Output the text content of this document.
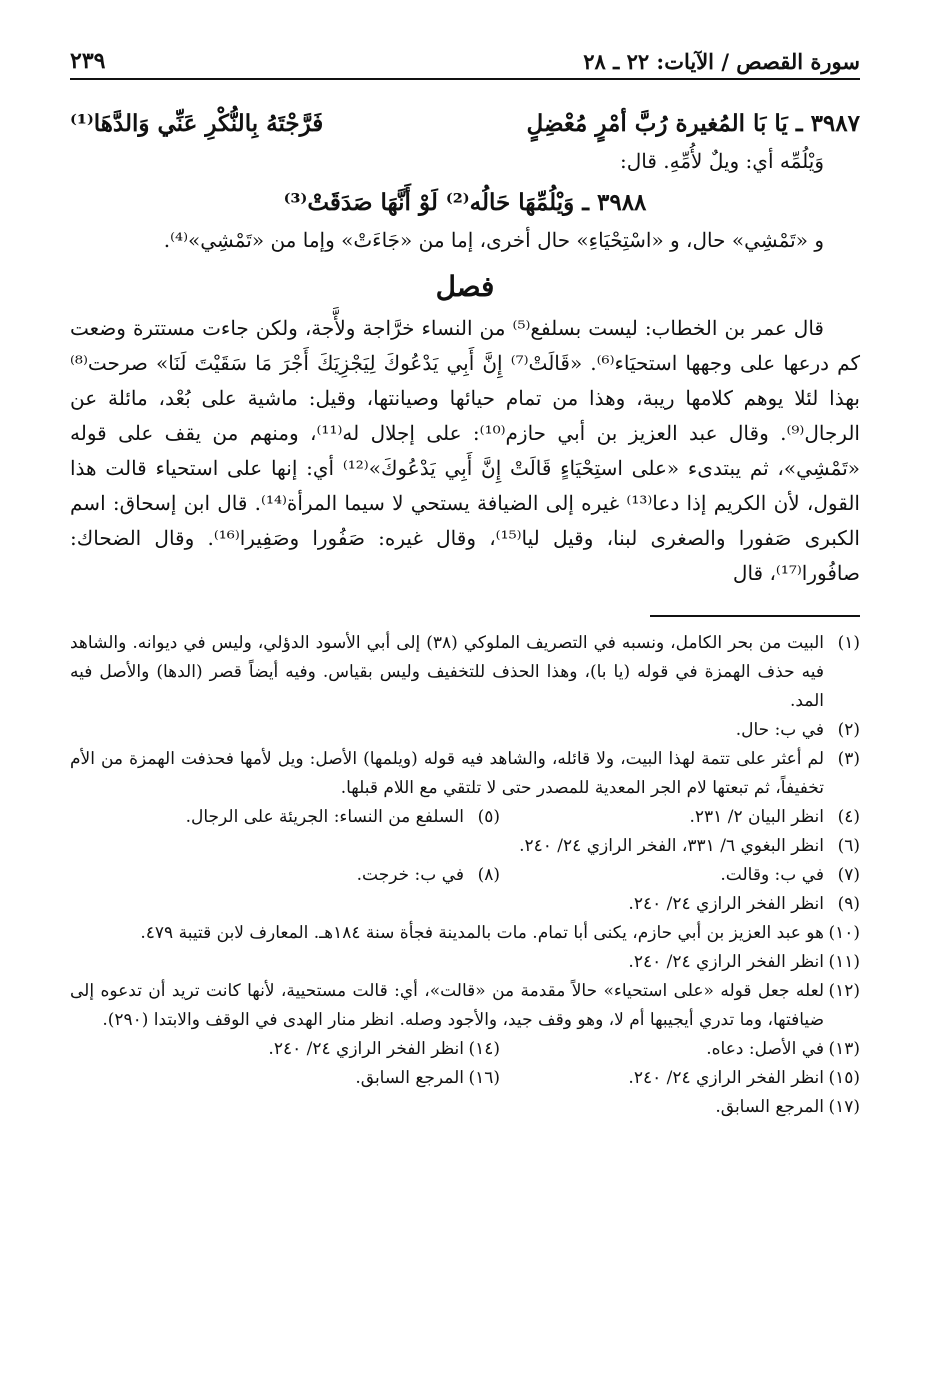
سورة القصص / الآيات: ٢٢ ـ ٢٨
٢٣٩
٣٩٨٧ ـ يَا بَا المُغيرة رُبَّ أمْرٍ مُعْضِلٍ
فَرَّجْتَهُ بِالنُّكْرِ عَنِّي وَالدَّهَا⁽¹⁾

وَيْلُمِّه أي: ويلٌ لأُمِّهِ. قال:

٣٩٨٨ ـ وَيْلُمِّهَا حَالُه⁽²⁾ لَوْ أَنَّهَا صَدَقَتْ⁽³⁾

و «تَمْشِي» حال، و «اسْتِحْيَاءِ» حال أخرى، إما من «جَاءَتْ» وإما من «تَمْشِي»⁽⁴⁾.

فصل

قال عمر بن الخطاب: ليست بسلفع⁽⁵⁾ من النساء خرَّاجة ولأَّجة، ولكن جاءت مستترة وضعت كم درعها على وجهها استحيَاء⁽⁶⁾. «قَالَتْ⁽⁷⁾ إِنَّ أَبِي يَدْعُوكَ لِيَجْزِيَكَ أَجْرَ مَا سَقَيْتَ لَنَا» صرحت⁽⁸⁾ بهذا لئلا يوهم كلامها ريبة، وهذا من تمام حيائها وصيانتها، وقيل: ماشية على بُعْد، مائلة عن الرجال⁽⁹⁾. وقال عبد العزيز بن أبي حازم⁽¹⁰⁾: على إجلال له⁽¹¹⁾، ومنهم من يقف على قوله «تَمْشِي»، ثم يبتدىء «على استِحْيَاءٍ قَالَتْ إِنَّ أَبِي يَدْعُوكَ»⁽¹²⁾ أي: إنها على استحياء قالت هذا القول، لأن الكريم إذا دعا⁽¹³⁾ غيره إلى الضيافة يستحي لا سيما المرأة⁽¹⁴⁾. قال ابن إسحاق: اسم الكبرى صَفورا والصغرى لبنا، وقيل ليا⁽¹⁵⁾، وقال غيره: صَفُورا وصَفِيرا⁽¹⁶⁾. وقال الضحاك: صافُورا⁽¹⁷⁾، قال

(١)
البيت من بحر الكامل، ونسبه في التصريف الملوكي (٣٨) إلى أبي الأسود الدؤلي، وليس في ديوانه. والشاهد فيه حذف الهمزة في قوله (يا با)، وهذا الحذف للتخفيف وليس بقياس. وفيه أيضاً قصر (الدها) والأصل فيه المد.
(٢)
في ب: حال.
(٣)
لم أعثر على تتمة لهذا البيت، ولا قائله، والشاهد فيه قوله (ويلمها) الأصل: ويل لأمها فحذفت الهمزة من الأم تخفيفاً، ثم تبعتها لام الجر المعدية للمصدر حتى لا تلتقي مع اللام قبلها.
(٤)
انظر البيان ٢/ ٢٣١.
(٥)
السلفع من النساء: الجريئة على الرجال.
(٦)
انظر البغوي ٦/ ٣٣١، الفخر الرازي ٢٤/ ٢٤٠.
(٧)
في ب: وقالت.
(٨)
في ب: خرجت.
(٩)
انظر الفخر الرازي ٢٤/ ٢٤٠.
(١٠)
هو عبد العزيز بن أبي حازم، يكنى أبا تمام. مات بالمدينة فجأة سنة ١٨٤هـ. المعارف لابن قتيبة ٤٧٩.
(١١)
انظر الفخر الرازي ٢٤/ ٢٤٠.
(١٢)
لعله جعل قوله «على استحياء» حالاً مقدمة من «قالت»، أي: قالت مستحيية، لأنها كانت تريد أن تدعوه إلى ضيافتها، وما تدري أيجيبها أم لا، وهو وقف جيد، والأجود وصله. انظر منار الهدى في الوقف والابتدا (٢٩٠).
(١٣)
في الأصل: دعاه.
(١٤)
انظر الفخر الرازي ٢٤/ ٢٤٠.
(١٥)
انظر الفخر الرازي ٢٤/ ٢٤٠.
(١٦)
المرجع السابق.
(١٧)
المرجع السابق.
